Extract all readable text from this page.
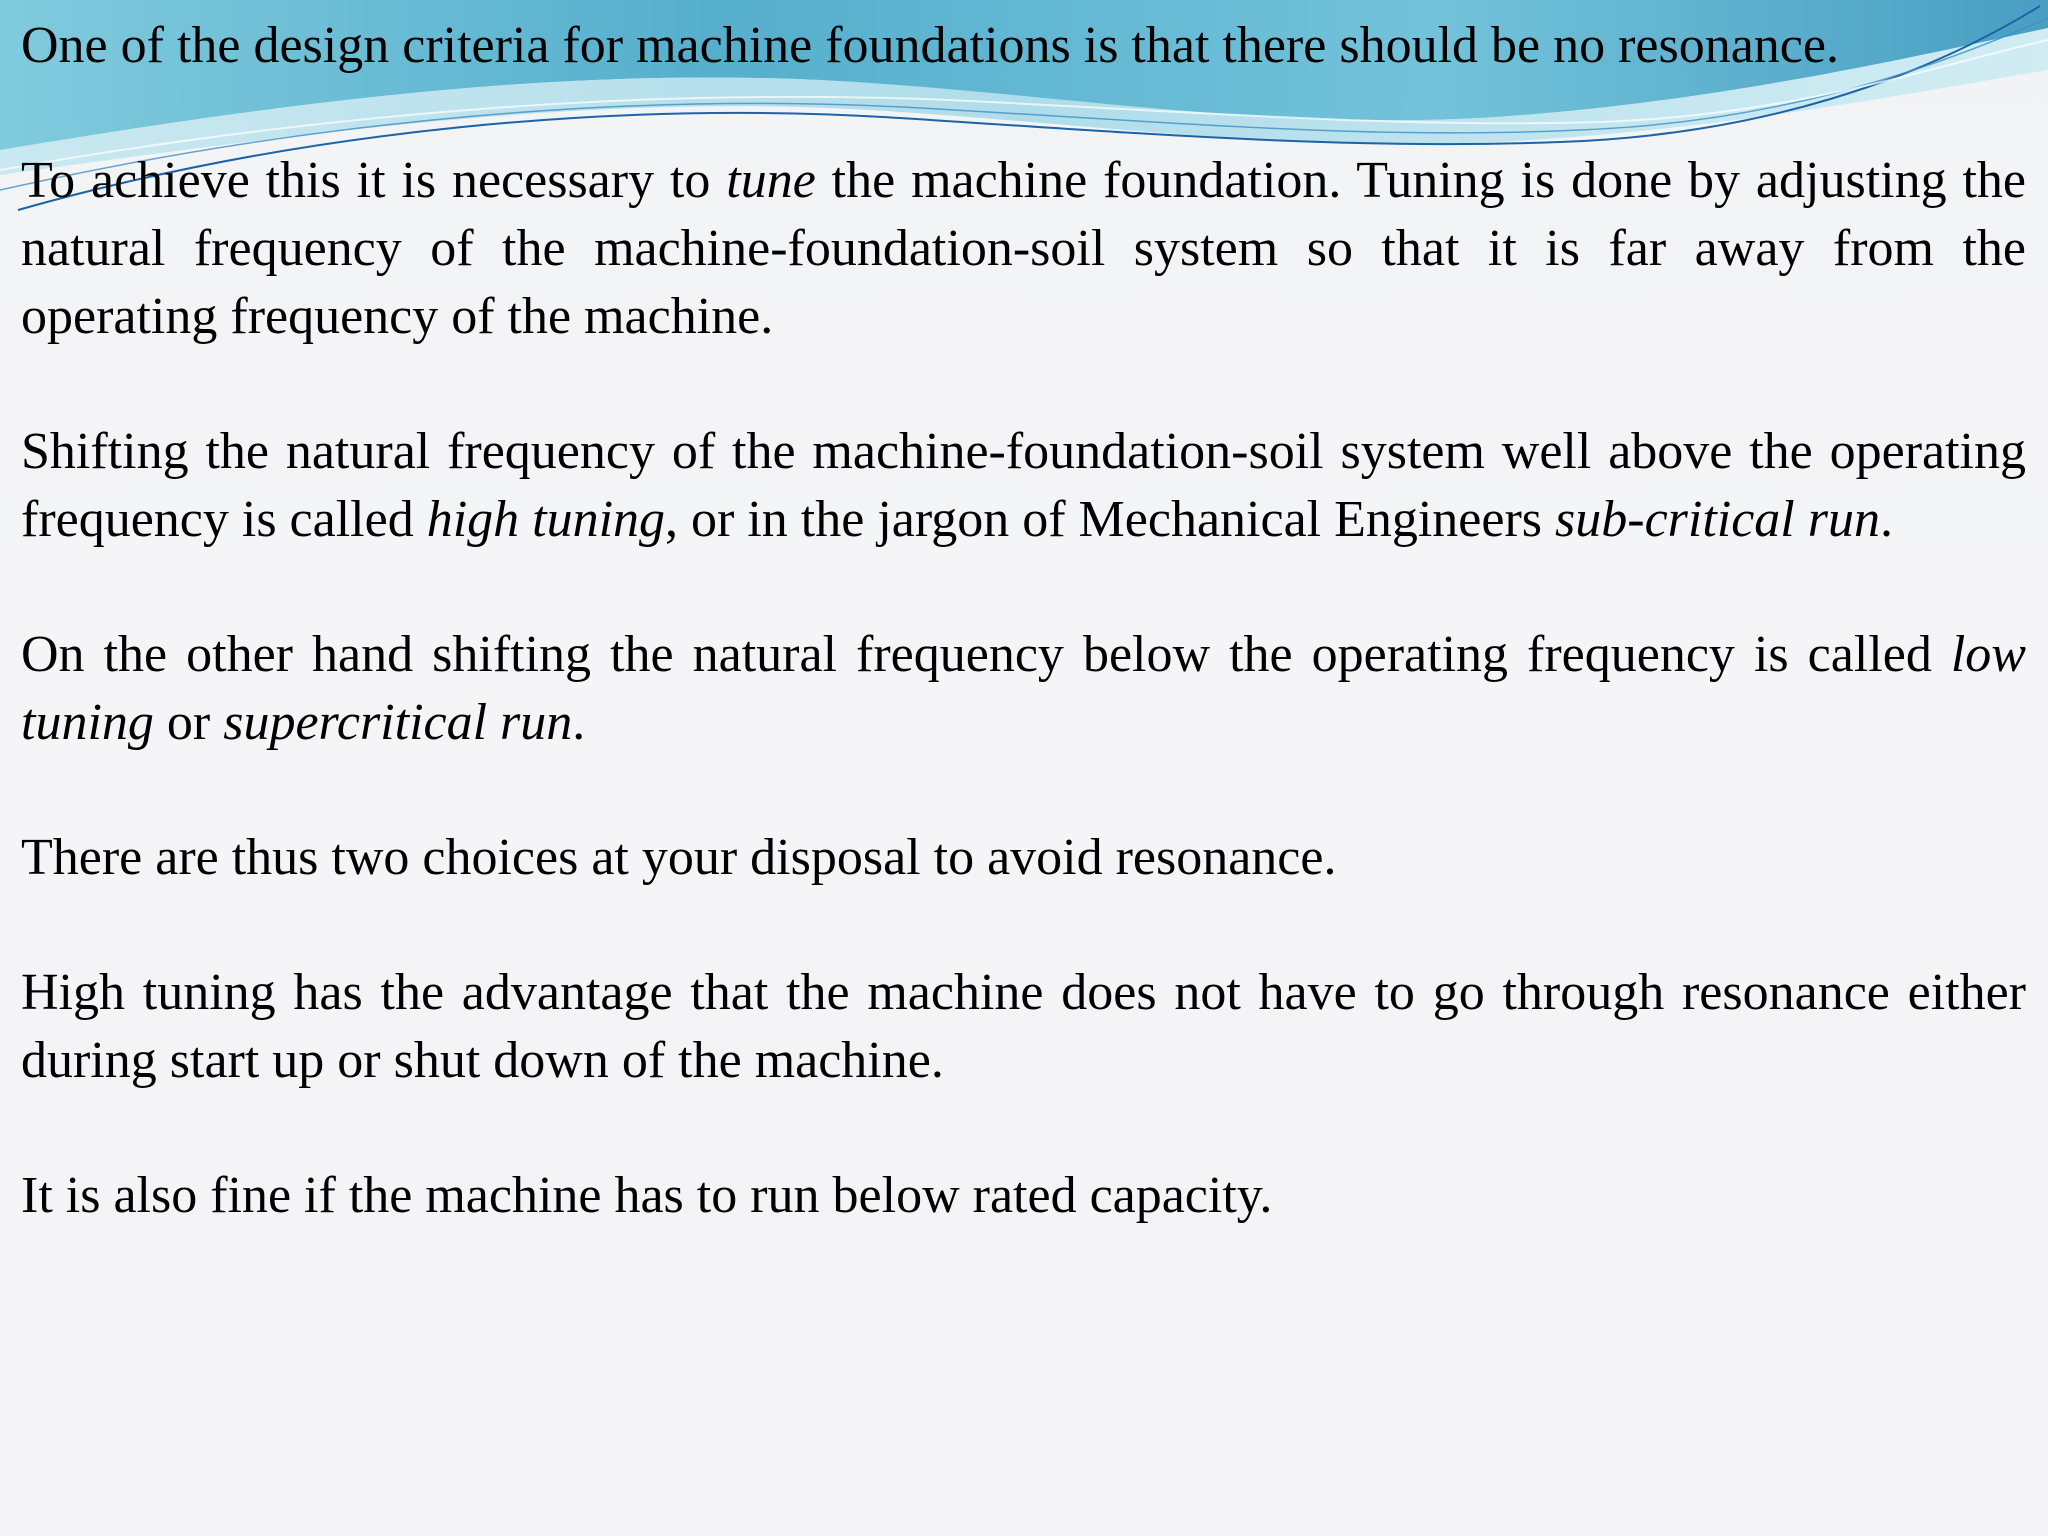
One of the design criteria for machine foundations is that there should be no resonance.

To achieve this it is necessary to tune the machine foundation. Tuning is done by adjusting the natural frequency of the machine-foundation-soil system so that it is far away from the operating frequency of the machine.

Shifting the natural frequency of the machine-foundation-soil system well above the operating frequency is called high tuning, or in the jargon of Mechanical Engineers sub-critical run.

On the other hand shifting the natural frequency below the operating frequency is called low tuning or supercritical run.

There are thus two choices at your disposal to avoid resonance.

High tuning has the advantage that the machine does not have to go through resonance either during start up or shut down of the machine.

It is also fine if the machine has to run below rated capacity.
